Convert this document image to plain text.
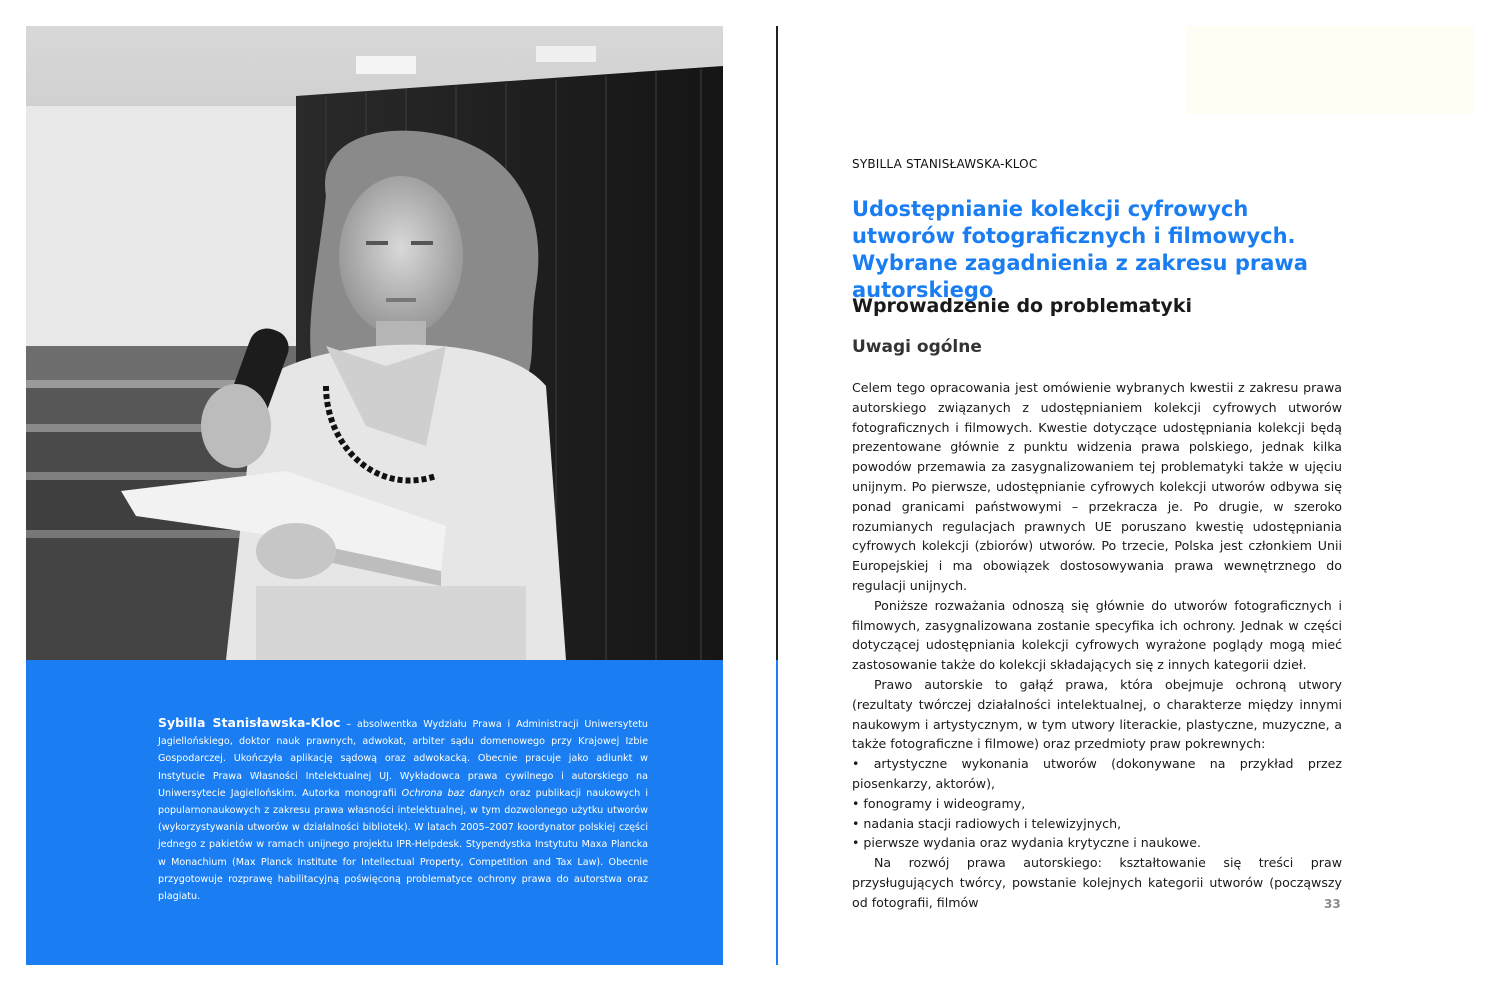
Sybilla Stanisławska-Kloc – absolwentka Wydziału Prawa i Administracji Uniwersytetu Jagiellońskiego, doktor nauk prawnych, adwokat, arbiter sądu domenowego przy Krajowej Izbie Gospodarczej. Ukończyła aplikację sądową oraz adwokacką. Obecnie pracuje jako adiunkt w Instytucie Prawa Własności Intelektualnej UJ. Wykładowca prawa cywilnego i autorskiego na Uniwersytecie Jagiellońskim. Autorka monografii Ochrona baz danych oraz publikacji naukowych i popularnonaukowych z zakresu prawa własności intelektualnej, w tym dozwolonego użytku utworów (wykorzystywania utworów w działalności bibliotek). W latach 2005–2007 koordynator polskiej części jednego z pakietów w ramach unijnego projektu IPR-Helpdesk. Stypendystka Instytutu Maxa Plancka w Monachium (Max Planck Institute for Intellectual Property, Competition and Tax Law). Obecnie przygotowuje rozprawę habilitacyjną poświęconą problematyce ochrony prawa do autorstwa oraz plagiatu.
SYBILLA STANISŁAWSKA-KLOC
Udostępnianie kolekcji cyfrowych utworów fotograficznych i filmowych. Wybrane zagadnienia z zakresu prawa autorskiego
Wprowadzenie do problematyki
Uwagi ogólne

Celem tego opracowania jest omówienie wybranych kwestii z zakresu prawa autorskiego związanych z udostępnianiem kolekcji cyfrowych utworów fotograficznych i filmowych. Kwestie dotyczące udostępniania kolekcji będą prezentowane głównie z punktu widzenia prawa polskiego, jednak kilka powodów przemawia za zasygnalizowaniem tej problematyki także w ujęciu unijnym. Po pierwsze, udostępnianie cyfrowych kolekcji utworów odbywa się ponad granicami państwowymi – przekracza je. Po drugie, w szeroko rozumianych regulacjach prawnych UE poruszano kwestię udostępniania cyfrowych kolekcji (zbiorów) utworów. Po trzecie, Polska jest członkiem Unii Europejskiej i ma obowiązek dostosowywania prawa wewnętrznego do regulacji unijnych.

Poniższe rozważania odnoszą się głównie do utworów fotograficznych i filmowych, zasygnalizowana zostanie specyfika ich ochrony. Jednak w części dotyczącej udostępniania kolekcji cyfrowych wyrażone poglądy mogą mieć zastosowanie także do kolekcji składających się z innych kategorii dzieł.

Prawo autorskie to gałąź prawa, która obejmuje ochroną utwory (rezultaty twórczej działalności intelektualnej, o charakterze między innymi naukowym i artystycznym, w tym utwory literackie, plastyczne, muzyczne, a także fotograficzne i filmowe) oraz przedmioty praw pokrewnych:

• artystyczne wykonania utworów (dokonywane na przykład przez piosenkarzy, aktorów),

• fonogramy i wideogramy,

• nadania stacji radiowych i telewizyjnych,

• pierwsze wydania oraz wydania krytyczne i naukowe.

Na rozwój prawa autorskiego: kształtowanie się treści praw przysługujących twórcy, powstanie kolejnych kategorii utworów (począwszy od fotografii, filmów	33
